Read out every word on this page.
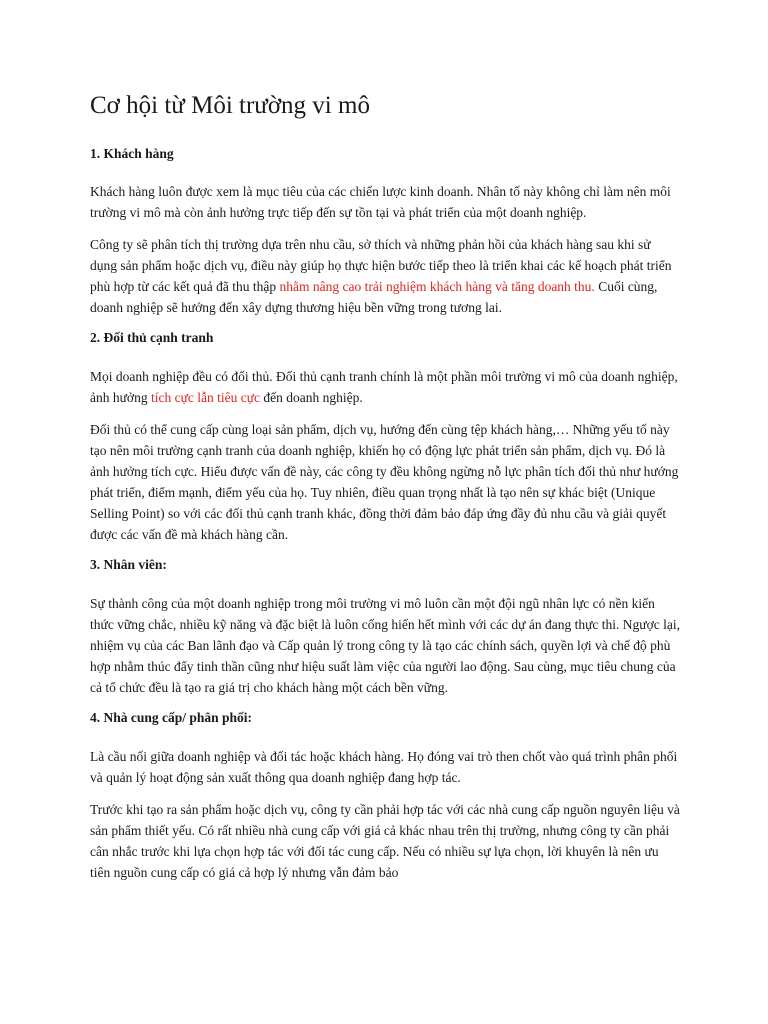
Cơ hội từ Môi trường vi mô
1. Khách hàng

Khách hàng luôn được xem là mục tiêu của các chiến lược kinh doanh. Nhân tố này không chỉ làm nên môi trường vi mô mà còn ảnh hưởng trực tiếp đến sự tồn tại và phát triển của một doanh nghiệp.

Công ty sẽ phân tích thị trường dựa trên nhu cầu, sở thích và những phản hồi của khách hàng sau khi sử dụng sản phẩm hoặc dịch vụ, điều này giúp họ thực hiện bước tiếp theo là triển khai các kế hoạch phát triển phù hợp từ các kết quả đã thu thập nhằm nâng cao trải nghiệm khách hàng và tăng doanh thu. Cuối cùng, doanh nghiệp sẽ hướng đến xây dựng thương hiệu bền vững trong tương lai.

2. Đối thủ cạnh tranh

Mọi doanh nghiệp đều có đối thủ. Đối thủ cạnh tranh chính là một phần môi trường vi mô của doanh nghiệp, ảnh hưởng tích cực lẫn tiêu cực đến doanh nghiệp.

Đối thủ có thể cung cấp cùng loại sản phẩm, dịch vụ, hướng đến cùng tệp khách hàng,… Những yếu tố này tạo nên môi trường cạnh tranh của doanh nghiệp, khiến họ có động lực phát triển sản phẩm, dịch vụ. Đó là ảnh hưởng tích cực. Hiểu được vấn đề này, các công ty đều không ngừng nỗ lực phân tích đối thủ như hướng phát triển, điểm mạnh, điểm yếu của họ. Tuy nhiên, điều quan trọng nhất là tạo nên sự khác biệt (Unique Selling Point) so với các đối thủ cạnh tranh khác, đồng thời đảm bảo đáp ứng đầy đủ nhu cầu và giải quyết được các vấn đề mà khách hàng cần.

3. Nhân viên:

Sự thành công của một doanh nghiệp trong môi trường vi mô luôn cần một đội ngũ nhân lực có nền kiến thức vững chắc, nhiều kỹ năng và đặc biệt là luôn cống hiến hết mình với các dự án đang thực thi. Ngược lại, nhiệm vụ của các Ban lãnh đạo và Cấp quản lý trong công ty là tạo các chính sách, quyền lợi và chế độ phù hợp nhằm thúc đẩy tinh thần cũng như hiệu suất làm việc của người lao động. Sau cùng, mục tiêu chung của cả tổ chức đều là tạo ra giá trị cho khách hàng một cách bền vững.

4. Nhà cung cấp/ phân phối:

Là cầu nối giữa doanh nghiệp và đối tác hoặc khách hàng. Họ đóng vai trò then chốt vào quá trình phân phối và quản lý hoạt động sản xuất thông qua doanh nghiệp đang hợp tác.

Trước khi tạo ra sản phẩm hoặc dịch vụ, công ty cần phải hợp tác với các nhà cung cấp nguồn nguyên liệu và sản phẩm thiết yếu. Có rất nhiều nhà cung cấp với giá cả khác nhau trên thị trường, nhưng công ty cần phải cân nhắc trước khi lựa chọn hợp tác với đối tác cung cấp. Nếu có nhiều sự lựa chọn, lời khuyên là nên ưu tiên nguồn cung cấp có giá cả hợp lý nhưng vẫn đảm bảo
